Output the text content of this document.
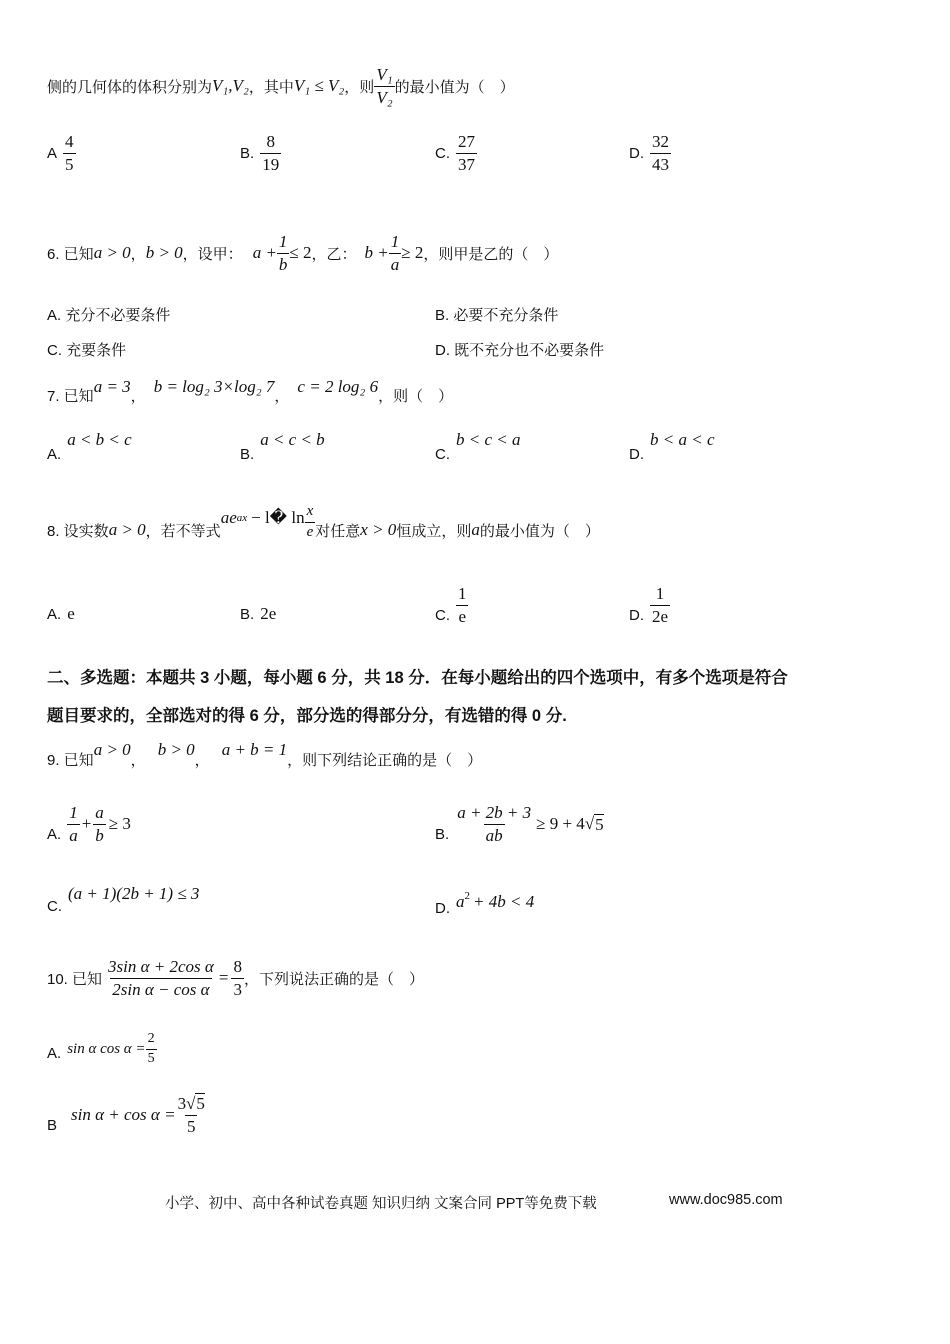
侧的几何体的体积分别为 V₁,V₂ ，其中 V₁ ≤ V₂ ，则 $\frac{\text{V₁}}{\text{V₂}}$ 的最小值为（　）
A $\frac{4}{5}$	B. $\frac{8}{19}$	C. $\frac{27}{37}$	D. $\frac{32}{43}$
6. 已知 a > 0 ， b > 0 ，设甲： $a + \frac{1}{b} \le 2$ ，乙： $b + \frac{1}{a} \ge 2$ ，则甲是乙的（　）
A. 充分不必要条件	B. 必要不充分条件
C. 充要条件	D. 既不充分也不必要条件
7. 已知 a = 3 ， b = log₂ 3×log₂ 7 ， c = 2 log₂ 6 ，则（　）
A.a < b < c
B.a < c < b
C.b < c < a
D.b < a < c
8. 设实数 a > 0 ，若不等式
ae ax − l� $\ln \frac{x}{e}$ 对任意 x > 0 恒成立，则 a 的最小值为（　）
A. e	B. 2e	C. $\frac{1}{e}$	D. $\frac{1}{2e}$
二、多选题：本题共 3 小题，每小题 6 分，共 18 分．在每小题给出的四个选项中，有多个选项是符合
题目要求的，全部选对的得 6 分，部分选的得部分分，有选错的得 0 分.
9. 已知
a > 0
，
b > 0
，
a + b = 1
，则下列结论正确的是（　）
A. $\frac{1}{a} + \frac{a}{b} \ge 3$
B. $\frac{a + 2b + 3}{ab} \ge 9 + 4$ √ 5
C.(a + 1)(2b + 1) ≤ 3
D. $a^2 + 4b < 4$
10. 已知 $\frac{\text{3sin α + 2cos α}}{\text{2sin α − cos α}} = \frac{8}{3}$ ，下列说法正确的是（　）
A. sin α $\cos \alpha = \frac{2}{5}$
B
$\sin \alpha + \cos \alpha = \frac{3√5}{5}$
小学、初中、高中各种试卷真题 知识归纳 文案合同 PPT等免费下载	www.doc985.com
